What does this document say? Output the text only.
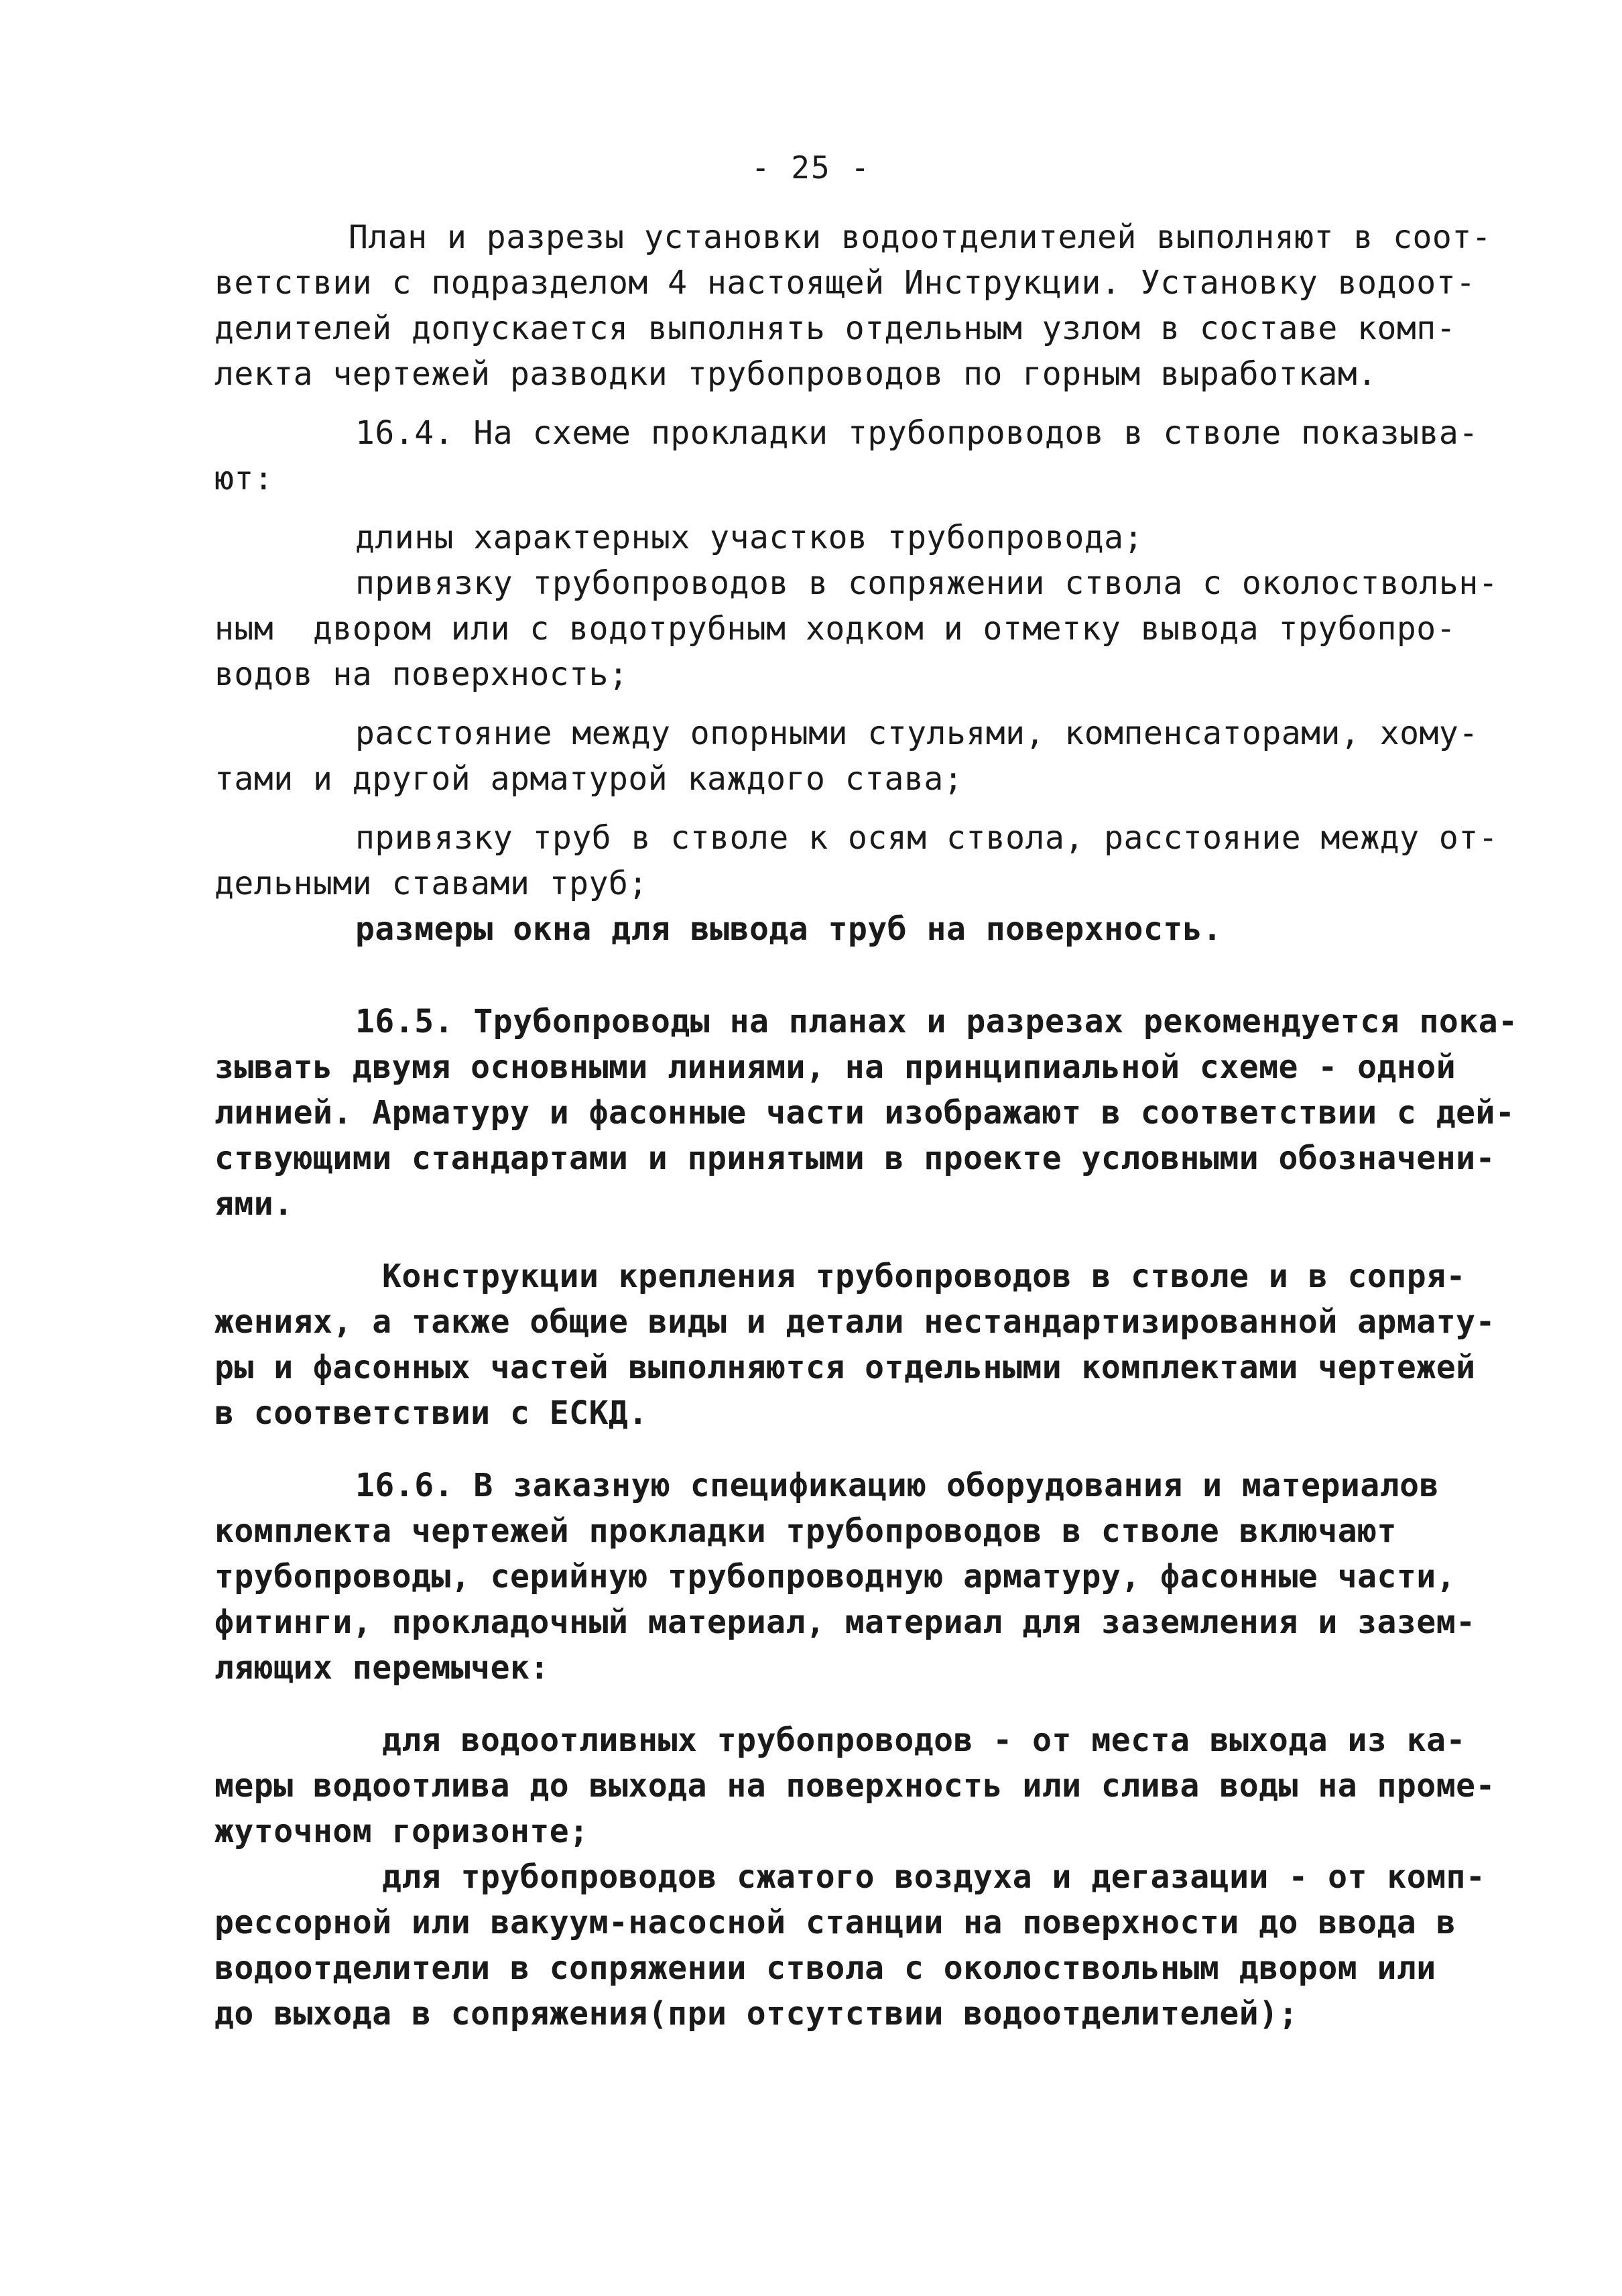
- 25 -
План и разрезы установки водоотделителей выполняют в соот-
ветствии с подразделом 4 настоящей Инструкции. Установку водоот-
делителей допускается выполнять отдельным узлом в составе комп-
лекта чертежей разводки трубопроводов по горным выработкам.
16.4. На схеме прокладки трубопроводов в стволе показыва-
ют:
длины характерных участков трубопровода;
привязку трубопроводов в сопряжении ствола с околоствольн-
ным  двором или с водотрубным ходком и отметку вывода трубопро-
водов на поверхность;
расстояние между опорными стульями, компенсаторами, хому-
тами и другой арматурой каждого става;
привязку труб в стволе к осям ствола, расстояние между от-
дельными ставами труб;
размеры окна для вывода труб на поверхность.
16.5. Трубопроводы на планах и разрезах рекомендуется пока-
зывать двумя основными линиями, на принципиальной схеме - одной
линией. Арматуру и фасонные части изображают в соответствии с дей-
ствующими стандартами и принятыми в проекте условными обозначени-
ями.
Конструкции крепления трубопроводов в стволе и в сопря-
жениях, а также общие виды и детали нестандартизированной армату-
ры и фасонных частей выполняются отдельными комплектами чертежей
в соответствии с ЕСКД.
16.6. В заказную спецификацию оборудования и материалов
комплекта чертежей прокладки трубопроводов в стволе включают
трубопроводы, серийную трубопроводную арматуру, фасонные части,
фитинги, прокладочный материал, материал для заземления и зазем-
ляющих перемычек:
для водоотливных трубопроводов - от места выхода из ка-
меры водоотлива до выхода на поверхность или слива воды на проме-
жуточном горизонте;
для трубопроводов сжатого воздуха и дегазации - от комп-
рессорной или вакуум-насосной станции на поверхности до ввода в
водоотделители в сопряжении ствола с околоствольным двором или
до выхода в сопряжения(при отсутствии водоотделителей);
